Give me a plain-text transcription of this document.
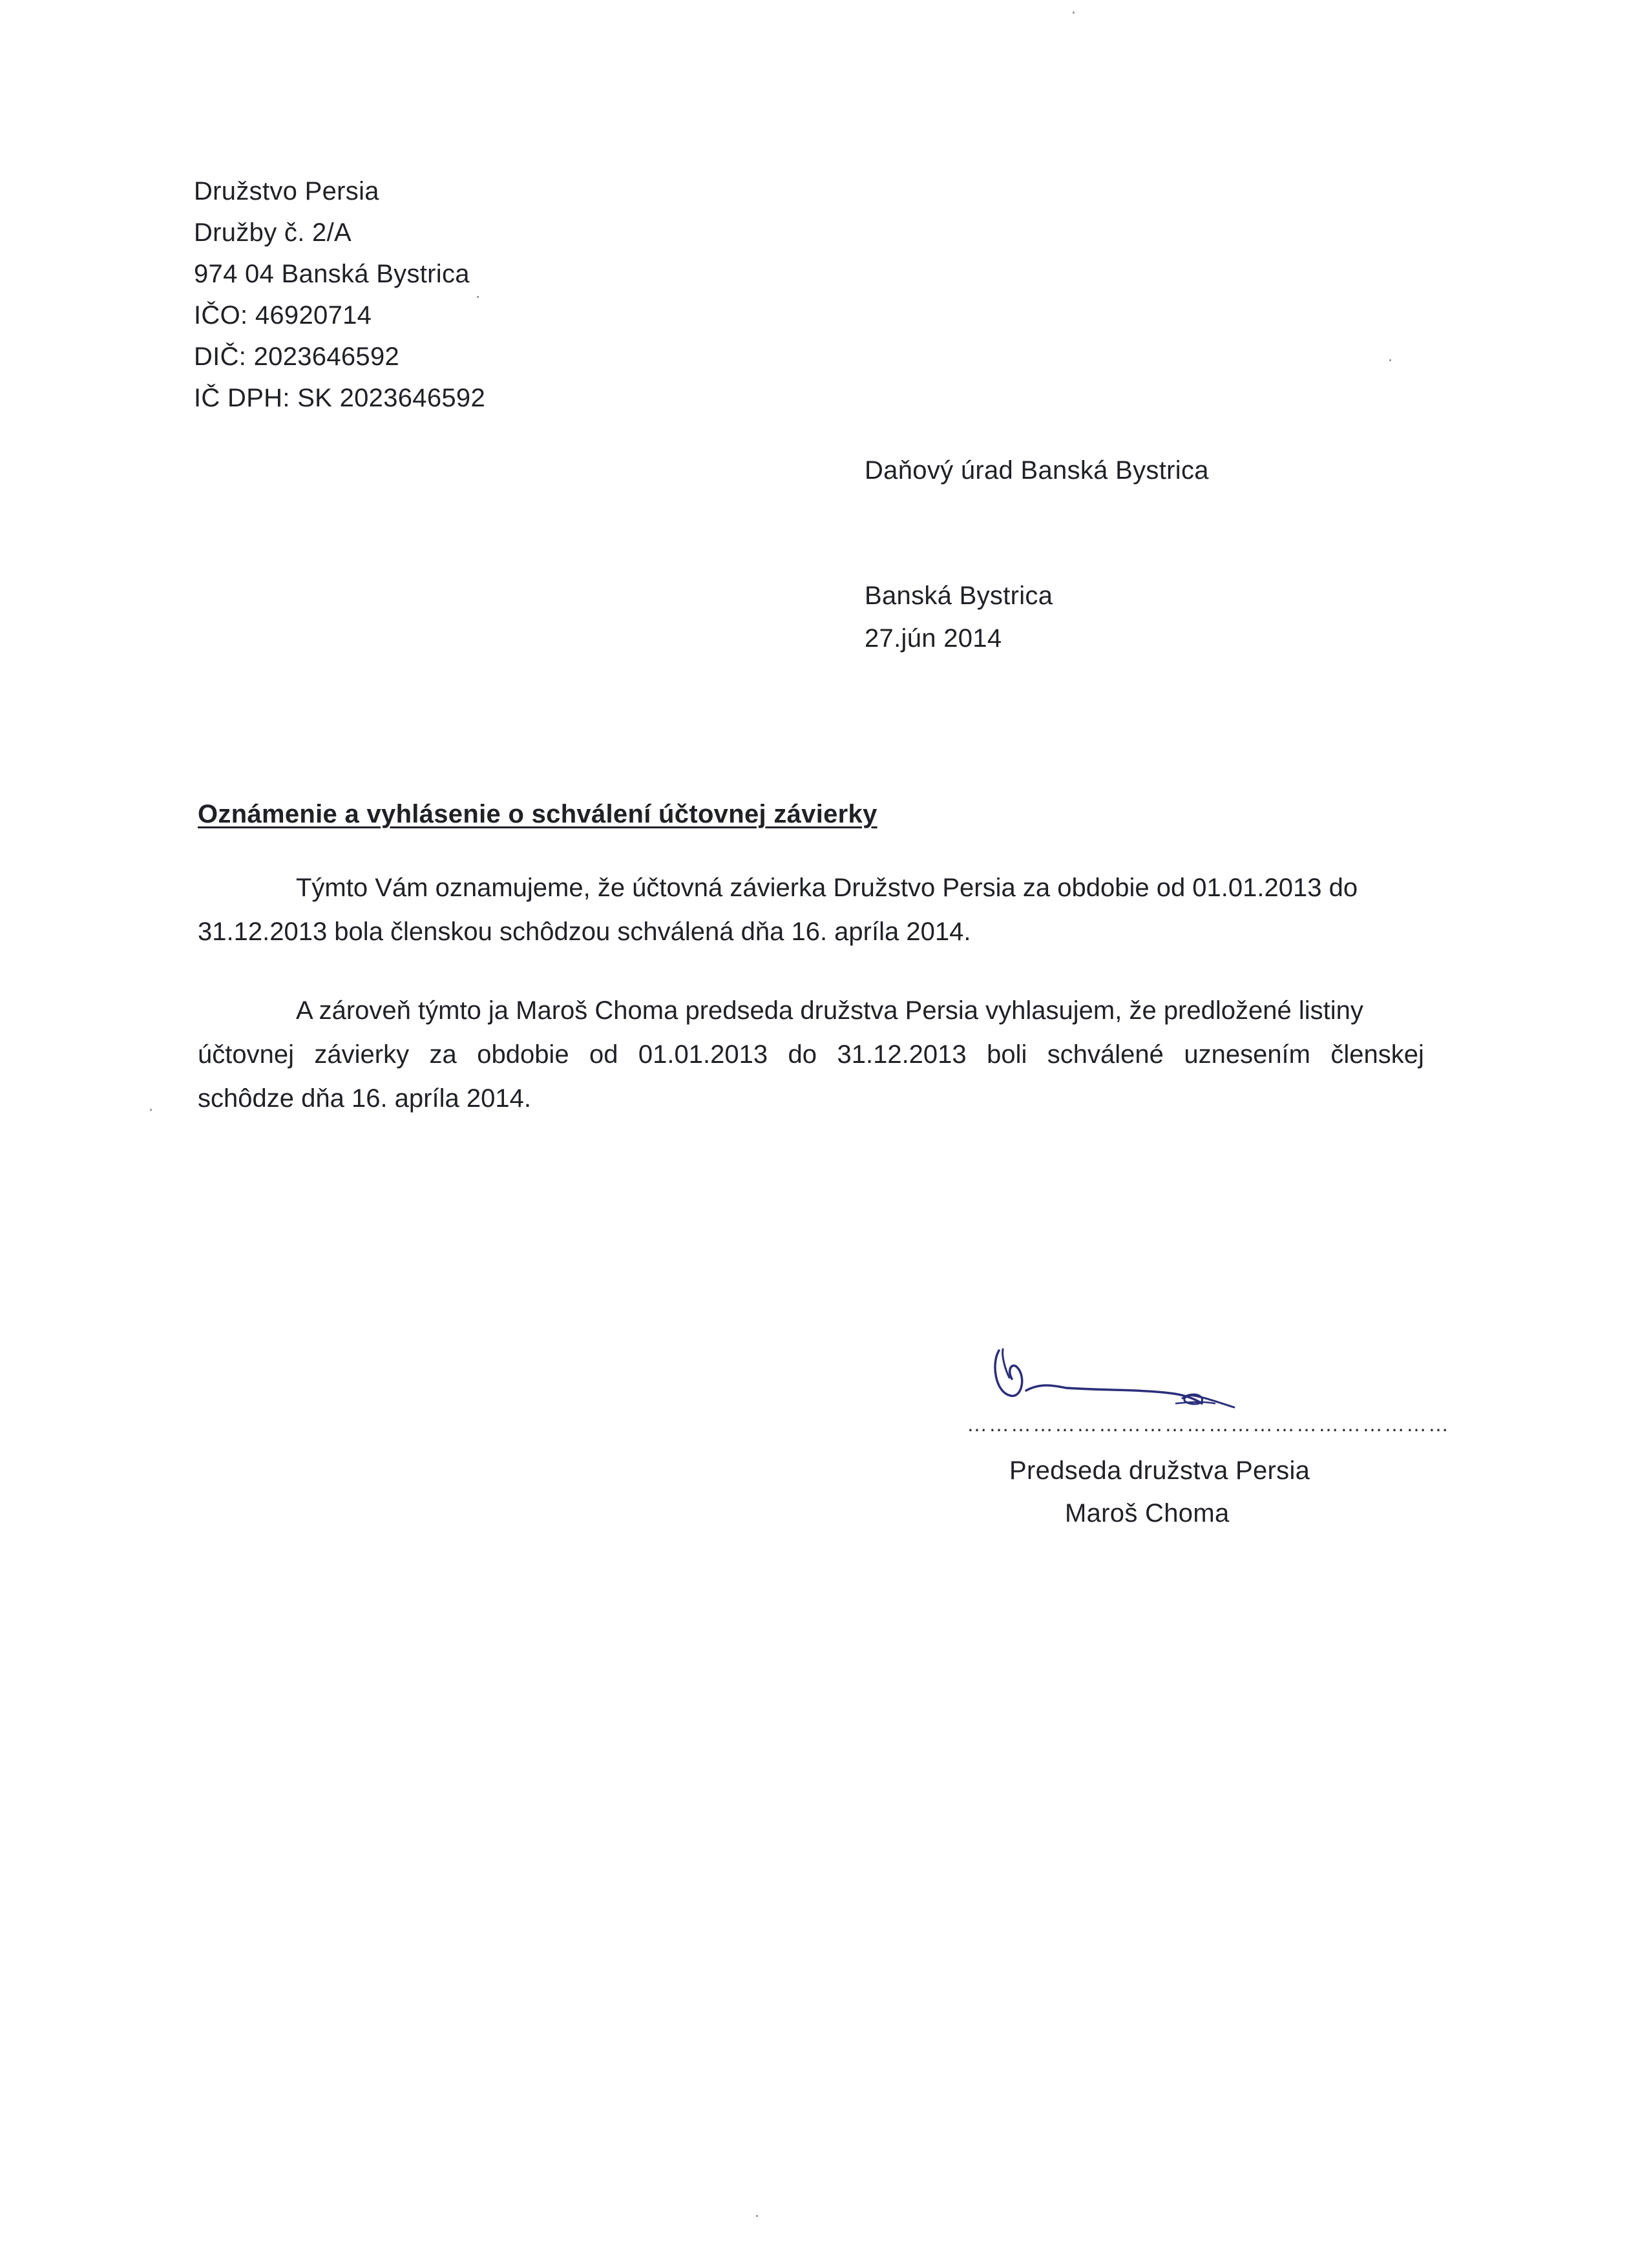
Družstvo Persia
Družby č. 2/A
974 04 Banská Bystrica
IČO: 46920714
DIČ: 2023646592
IČ DPH: SK 2023646592
Daňový úrad Banská Bystrica
Banská Bystrica
27.jún 2014
Oznámenie a vyhlásenie o schválení účtovnej závierky
Týmto Vám oznamujeme, že účtovná závierka Družstvo Persia za obdobie od 01.01.2013 do
31.12.2013 bola členskou schôdzou schválená dňa 16. apríla 2014.
A zároveň týmto ja Maroš Choma predseda družstva Persia vyhlasujem, že predložené listiny
účtovnej závierky za obdobie od 01.01.2013 do 31.12.2013 boli schválené uznesením členskej
schôdze dňa 16. apríla 2014.
…………………………………………………………
Predseda družstva Persia
Maroš Choma
